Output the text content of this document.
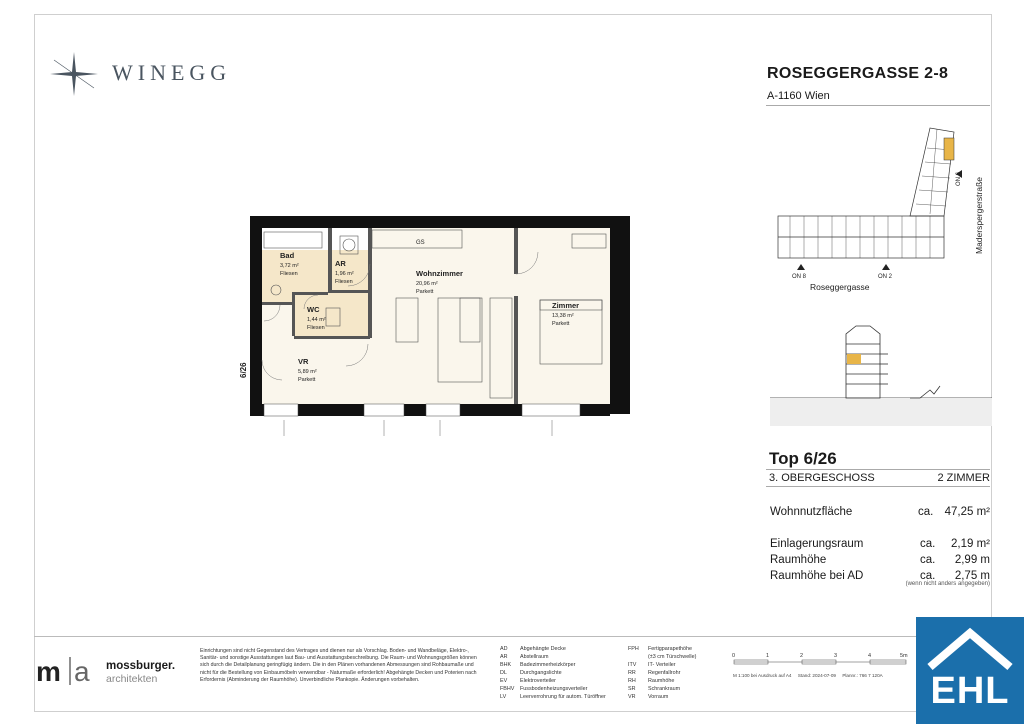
WINEGG	ROSEGGERGASSE 2-8
A-1160 Wien
ON 6
ON 8	ON 2
Roseggergasse
Maderspergerstraße
Top 6/26
3. OBERGESCHOSS	2 ZIMMER
Wohnnutzfläche	ca. 47,25 m²
Einlagerungsraum	ca.	2,19 m²
Raumhöhe	ca.	2,99 m
Raumhöhe bei AD	ca.	2,75 m
(wenn nicht anders angegeben)
Bad
3,72 m²
Fliesen
AR
1,96 m²
Fliesen
WC
1,44 m²
Fliesen
Wohnzimmer
20,96 m²
Parkett
Zimmer
13,38 m²
Parkett
VR
5,89 m²
Parkett
GS
6/26
m a mossburger.
architekten
Einrichtungen sind nicht Gegenstand des Vertrages und dienen nur als Vorschlag. Boden- und Wandbeläge, Elektro-, Sanitär- und sonstige Ausstattungen laut Bau- und Ausstattungsbeschreibung. Die Raum- und Wohnungsgrößen können sich durch die Detailplanung geringfügig ändern. Die in den Plänen vorhandenen Abmessungen sind Rohbaumaße und nicht für die Bestellung von Einbaumöbeln verwendbar - Naturmaße erforderlich! Abgehängte Decken und Poterien nach Erfordernis (Abminderung der Raumhöhe). Unverbindliche Plankopie. Änderungen vorbehalten.
AD Abgehängte Decke
AR Abstellraum
BHK Badezimmerheizkörper
DL Durchgangslichte
EV Elektroverteiler
FBHV Fussbodenheizungsverteiler
LV	Leerverrohrung für autom. Türöffner
FPH Fertigparapethöhe
(±3 cm Türschwelle)
ITV IT- Verteiler
RR Regenfallrohr
RH Raumhöhe
SR Schrankraum
VR Vorraum
0	1	2	3	4	5m
M 1:100 bei Ausdruck auf A4 Stand: 2024-07-09 Plannr.: 766 7 120A	EHL
